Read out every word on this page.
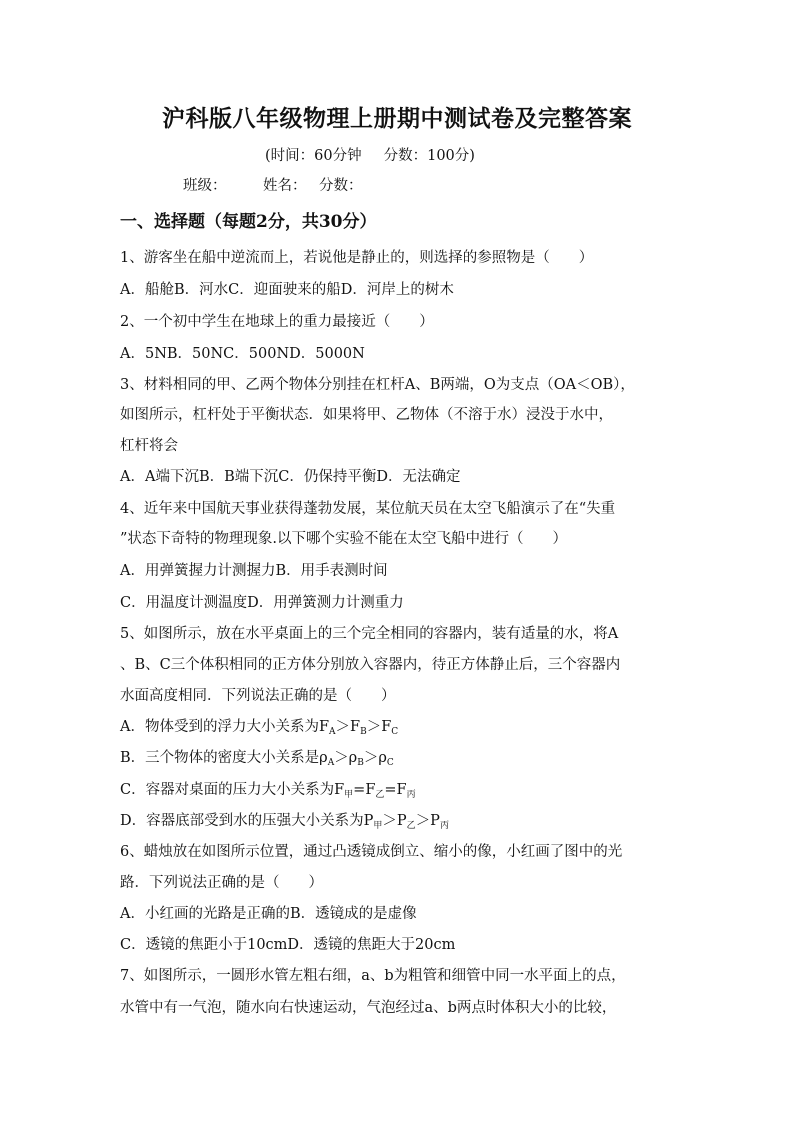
沪科版八年级物理上册期中测试卷及完整答案
(时间：60分钟 分数：100分)
班级：	姓名： 分数：
一、选择题（每题2分，共30分）
1、游客坐在船中逆流而上，若说他是静止的，则选择的参照物是（　　）
A．船舱B．河水C．迎面驶来的船D．河岸上的树木
2、一个初中学生在地球上的重力最接近（　　）
A．5NB．50NC．500ND．5000N
3、材料相同的甲、乙两个物体分别挂在杠杆A、B两端，O为支点（OA＜OB），
如图所示，杠杆处于平衡状态．如果将甲、乙物体（不溶于水）浸没于水中，
杠杆将会
A．A端下沉B．B端下沉C．仍保持平衡D．无法确定
4、近年来中国航天事业获得蓬勃发展，某位航天员在太空飞船演示了在“失重
”状态下奇特的物理现象.以下哪个实验不能在太空飞船中进行（　　）
A．用弹簧握力计测握力B．用手表测时间
C．用温度计测温度D．用弹簧测力计测重力
5、如图所示，放在水平桌面上的三个完全相同的容器内，装有适量的水，将A
、B、C三个体积相同的正方体分别放入容器内，待正方体静止后，三个容器内
水面高度相同．下列说法正确的是（　　）
A．物体受到的浮力大小关系为$F_A>F_B>F_C$
B．三个物体的密度大小关系是$\rho_A>\rho_B>\rho_C$
C．容器对桌面的压力大小关系为$F_甲=F_乙=F_丙$
D．容器底部受到水的压强大小关系为$P_甲>P_乙>P_丙$
6、蜡烛放在如图所示位置，通过凸透镜成倒立、缩小的像，小红画了图中的光
路．下列说法正确的是（　　）
A．小红画的光路是正确的B．透镜成的是虚像
C．透镜的焦距小于10cmD．透镜的焦距大于20cm
7、如图所示，一圆形水管左粗右细，a、b为粗管和细管中同一水平面上的点，
水管中有一气泡，随水向右快速运动，气泡经过a、b两点时体积大小的比较，
